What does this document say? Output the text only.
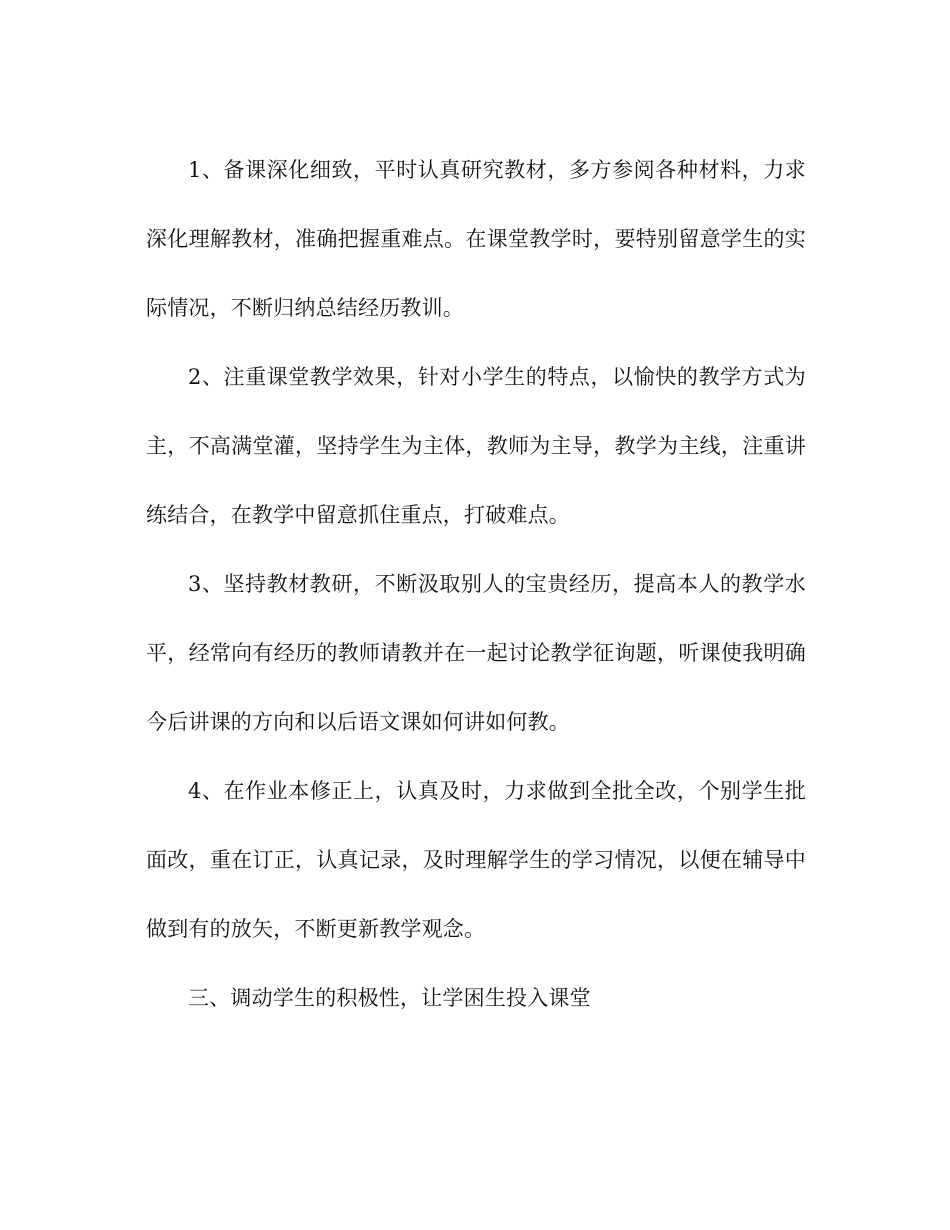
1、备课深化细致，平时认真研究教材，多方参阅各种材料，力求深化理解教材，准确把握重难点。在课堂教学时，要特别留意学生的实际情况，不断归纳总结经历教训。

2、注重课堂教学效果，针对小学生的特点，以愉快的教学方式为主，不高满堂灌，坚持学生为主体，教师为主导，教学为主线，注重讲练结合，在教学中留意抓住重点，打破难点。

3、坚持教材教研，不断汲取别人的宝贵经历，提高本人的教学水平，经常向有经历的教师请教并在一起讨论教学征询题，听课使我明确今后讲课的方向和以后语文课如何讲如何教。

4、在作业本修正上，认真及时，力求做到全批全改，个别学生批面改，重在订正，认真记录，及时理解学生的学习情况，以便在辅导中做到有的放矢，不断更新教学观念。

三、调动学生的积极性，让学困生投入课堂
